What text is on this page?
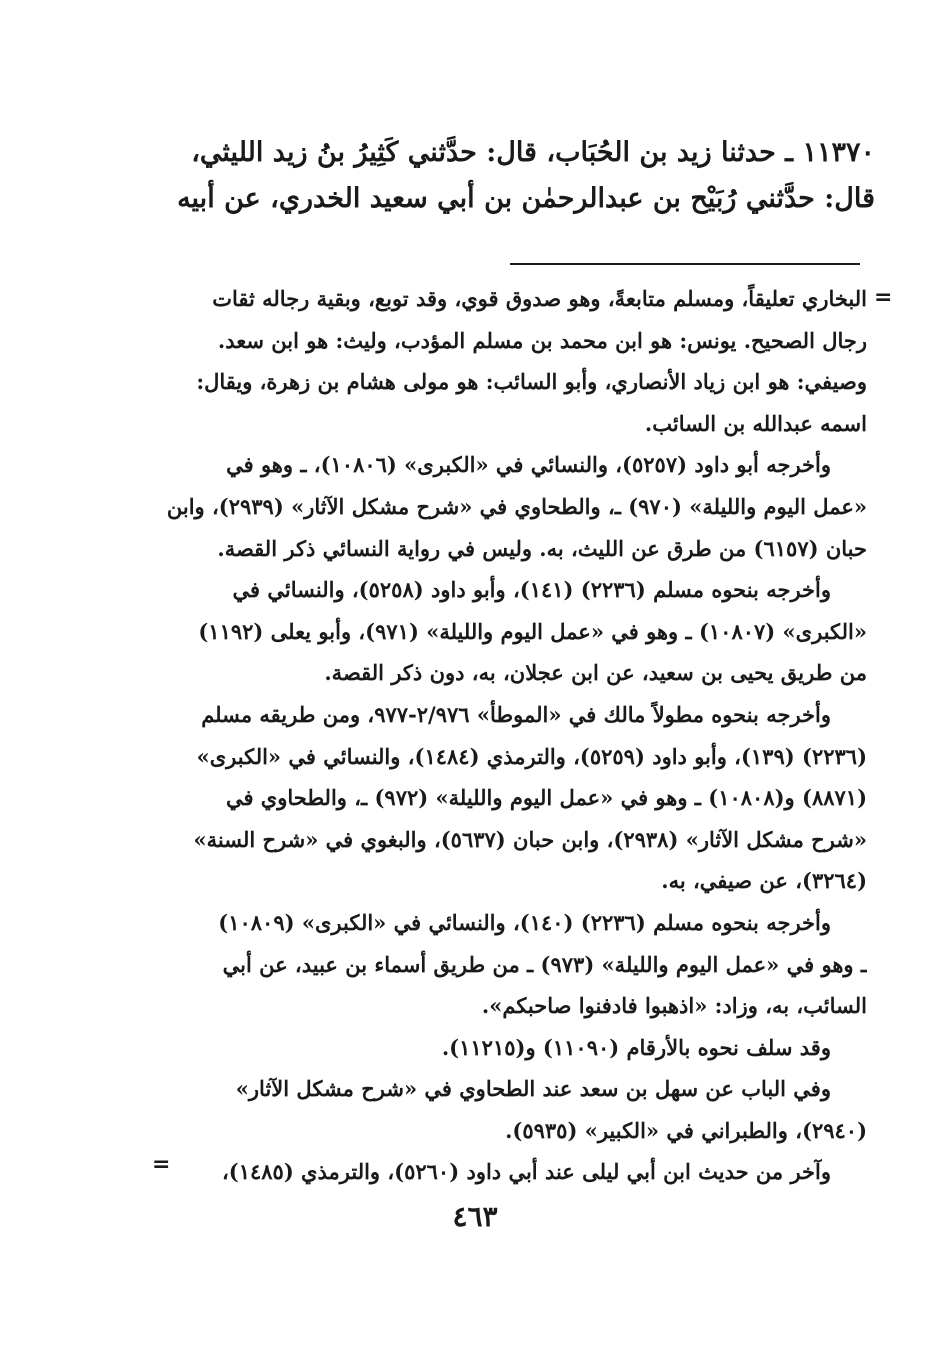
١١٣٧٠ ـ حدثنا زيد بن الحُبَاب، قال: حدَّثني كَثِيرُ بنُ زيد الليثي،
قال: حدَّثني رُبَيْح بن عبدالرحمٰن بن أبي سعيد الخدري، عن أبيه
=
البخاري تعليقاً، ومسلم متابعةً، وهو صدوق قوي، وقد توبع، وبقية رجاله ثقات
رجال الصحيح. يونس: هو ابن محمد بن مسلم المؤدب، وليث: هو ابن سعد.
وصيفي: هو ابن زياد الأنصاري، وأبو السائب: هو مولى هشام بن زهرة، ويقال:
اسمه عبدالله بن السائب.
وأخرجه أبو داود (٥٢٥٧)، والنسائي في «الكبرى» (١٠٨٠٦)، ـ وهو في
«عمل اليوم والليلة» (٩٧٠) ـ، والطحاوي في «شرح مشكل الآثار» (٢٩٣٩)، وابن
حبان (٦١٥٧) من طرق عن الليث، به. وليس في رواية النسائي ذكر القصة.
وأخرجه بنحوه مسلم (٢٢٣٦) (١٤١)، وأبو داود (٥٢٥٨)، والنسائي في
«الكبرى» (١٠٨٠٧) ـ وهو في «عمل اليوم والليلة» (٩٧١)، وأبو يعلى (١١٩٢)
من طريق يحيى بن سعيد، عن ابن عجلان، به، دون ذكر القصة.
وأخرجه بنحوه مطولاً مالك في «الموطأ» ٢/٩٧٦-٩٧٧، ومن طريقه مسلم
(٢٢٣٦) (١٣٩)، وأبو داود (٥٢٥٩)، والترمذي (١٤٨٤)، والنسائي في «الكبرى»
(٨٨٧١) و(١٠٨٠٨) ـ وهو في «عمل اليوم والليلة» (٩٧٢) ـ، والطحاوي في
«شرح مشكل الآثار» (٢٩٣٨)، وابن حبان (٥٦٣٧)، والبغوي في «شرح السنة»
(٣٢٦٤)، عن صيفي، به.
وأخرجه بنحوه مسلم (٢٢٣٦) (١٤٠)، والنسائي في «الكبرى» (١٠٨٠٩)
ـ وهو في «عمل اليوم والليلة» (٩٧٣) ـ من طريق أسماء بن عبيد، عن أبي
السائب، به، وزاد: «اذهبوا فادفنوا صاحبكم».
وقد سلف نحوه بالأرقام (١١٠٩٠) و(١١٢١٥).
وفي الباب عن سهل بن سعد عند الطحاوي في «شرح مشكل الآثار»
(٢٩٤٠)، والطبراني في «الكبير» (٥٩٣٥).
وآخر من حديث ابن أبي ليلى عند أبي داود (٥٢٦٠)، والترمذي (١٤٨٥)،
=
٤٦٣
